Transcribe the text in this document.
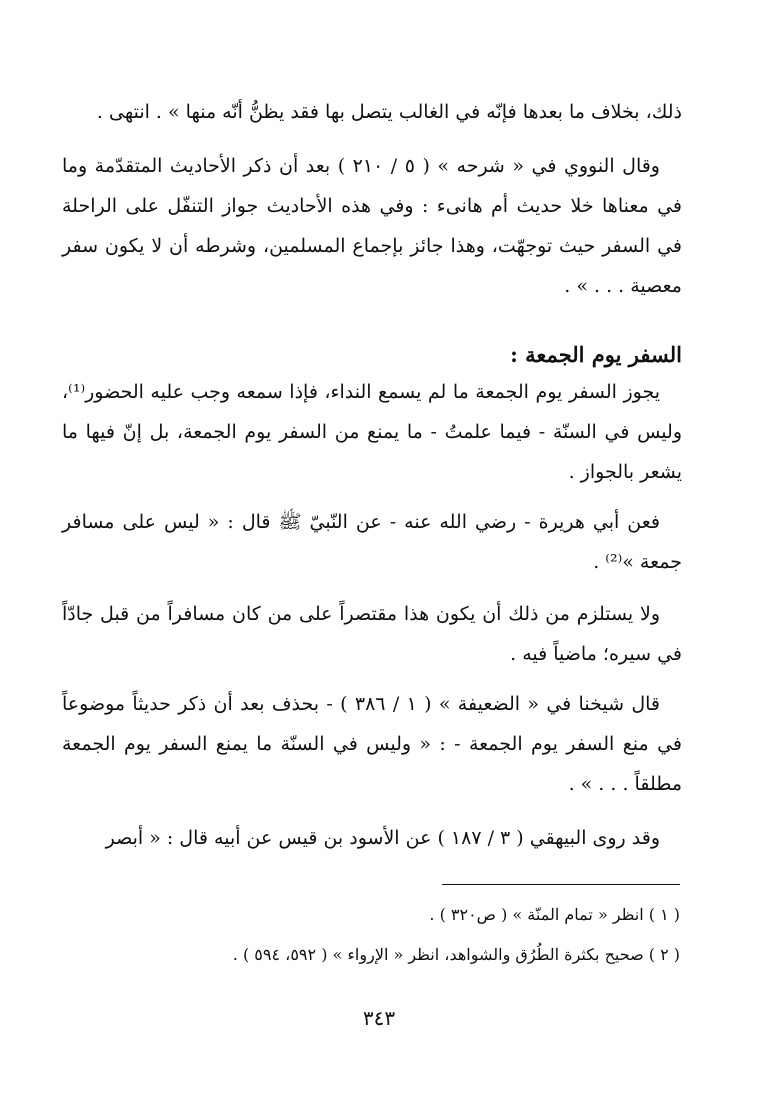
ذلك، بخلاف ما بعدها فإنّه في الغالب يتصل بها فقد يظنُّ أنّه منها » . انتهى .

وقال النووي في « شرحه » ( ٥ / ٢١٠ ) بعد أن ذكر الأحاديث المتقدّمة وما في معناها خلا حديث أم هانىء : وفي هذه الأحاديث جواز التنفّل على الراحلة في السفر حيث توجهّت، وهذا جائز بإجماع المسلمين، وشرطه أن لا يكون سفر معصية . . . » .

السفر يوم الجمعة :

يجوز السفر يوم الجمعة ما لم يسمع النداء، فإذا سمعه وجب عليه الحضور⁽¹⁾، وليس في السنّة - فيما علمتُ - ما يمنع من السفر يوم الجمعة، بل إنّ فيها ما يشعر بالجواز .

فعن أبي هريرة - رضي الله عنه - عن النّبيّ ﷺ قال : « ليس على مسافر جمعة »⁽²⁾ .

ولا يستلزم من ذلك أن يكون هذا مقتصراً على من كان مسافراً من قبل جادّاً في سيره؛ ماضياً فيه .

قال شيخنا في « الضعيفة » ( ١ / ٣٨٦ ) - بحذف بعد أن ذكر حديثاً موضوعاً في منع السفر يوم الجمعة - : « وليس في السنّة ما يمنع السفر يوم الجمعة مطلقاً . . . » .

وقد روى البيهقي ( ٣ / ١٨٧ ) عن الأسود بن قيس عن أبيه قال : « أبصر

( ١ ) انظر « تمام المنّة » ( ص٣٢٠ ) .
( ٢ ) صحيح بكثرة الطُرُق والشواهد، انظر « الإرواء » ( ٥٩٢، ٥٩٤ ) .
٣٤٣
